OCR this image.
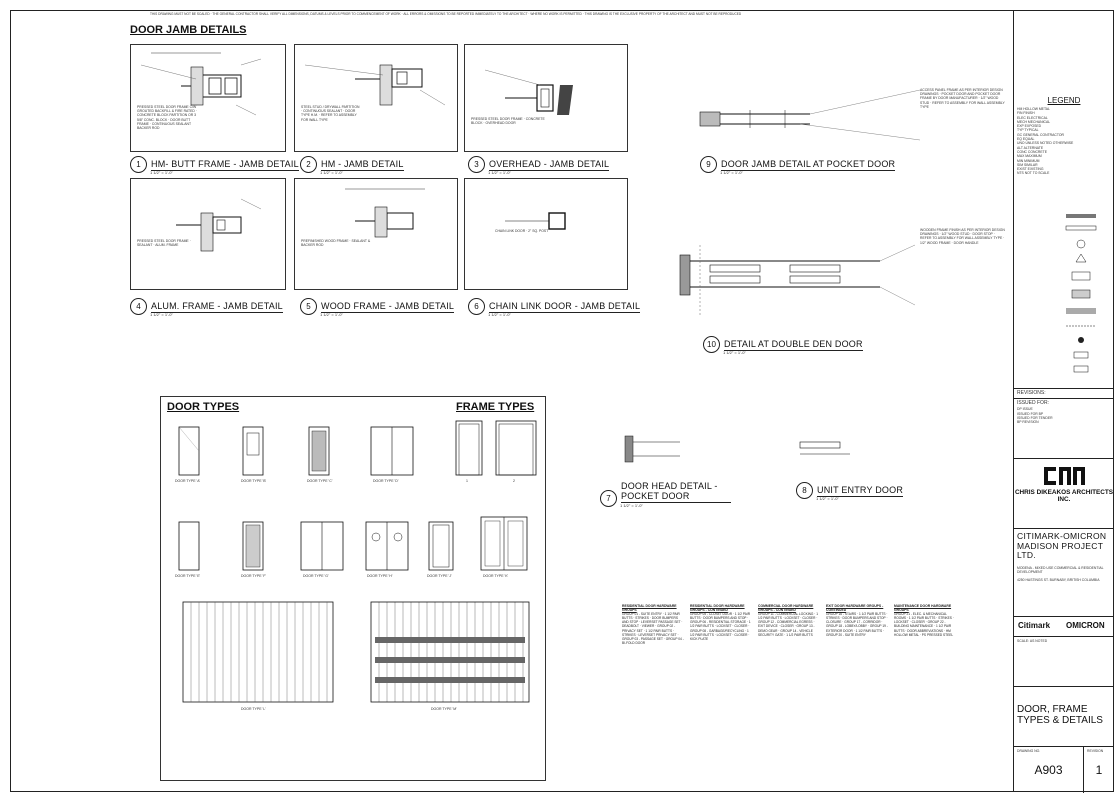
THIS DRAWING MUST NOT BE SCALED · THE GENERAL CONTRACTOR SHALL VERIFY ALL DIMENSIONS, DATUMS & LEVELS PRIOR TO COMMENCEMENT OF WORK · ALL ERRORS & OMISSIONS TO BE REPORTED IMMEDIATELY TO THE ARCHITECT · WHERE NO WORK IS PERMITTED · THIS DRAWING IS THE EXCLUSIVE PROPERTY OF THE ARCHITECT AND MUST NOT BE REPRODUCED
DOOR JAMB DETAILS
PRESSED STEEL DOOR FRAME C/W GROUTED BACKFILL & FIRE RATED · CONCRETE BLOCK PARTITION OR 3 5/8" CONC. BLOCK · DOOR BUTT FRAME · CONTINUOUS SEALANT BACKER ROD
STEEL STUD / DRYWALL PARTITION · CONTINUOUS SEALANT · DOOR TYPE H.M. · REFER TO ASSEMBLY FOR WALL TYPE	PRESSED STEEL DOOR FRAME · CONCRETE BLOCK · OVERHEAD DOOR
1	HM- BUTT FRAME - JAMB DETAIL
1 1/2" = 1'-0"
2	HM - JAMB DETAIL
1 1/2" = 1'-0"
3	OVERHEAD - JAMB DETAIL
1 1/2" = 1'-0"
ACCESS PANEL FRAME AS PER INTERIOR DESIGN DRAWINGS · POCKET DOOR AND POCKET DOOR FRAME BY DOOR MANUFACTURER · 1/2" WOOD STUD · REFER TO ASSEMBLY FOR WALL ASSEMBLY TYPE
9	DOOR JAMB DETAIL AT POCKET DOOR
1 1/2" = 1'-0"
PRESSED STEEL DOOR FRAME · SEALANT · ALUM. FRAME
PREFINISHED WOOD FRAME · SEALANT & BACKER ROD
CHAIN LINK DOOR · 2" SQ. POST
4	ALUM. FRAME - JAMB DETAIL
1 1/2" = 1'-0"
5	WOOD FRAME - JAMB DETAIL
1 1/2" = 1'-0"
6	CHAIN LINK DOOR - JAMB DETAIL
1 1/2" = 1'-0"
WOODEN FRAME FINISH AS PER INTERIOR DESIGN DRAWINGS · 1/2" WOOD STUD · DOOR STOP · REFER TO ASSEMBLY FOR WALL ASSEMBLY TYPE · 1/2" WOOD FRAME · DOOR HANDLE
10 DETAIL AT DOUBLE DEN DOOR
1 1/2" = 1'-0"
DOOR TYPES	FRAME TYPES
DOOR TYPE 'A'	DOOR TYPE 'B'	DOOR TYPE 'C'	DOOR TYPE 'D'	1	2
DOOR TYPE 'E'	DOOR TYPE 'F'	DOOR TYPE 'G'	DOOR TYPE 'H'	DOOR TYPE 'J'	DOOR TYPE 'K'
DOOR TYPE 'L'	DOOR TYPE 'M'
7
DOOR HEAD DETAIL - POCKET DOOR
1 1/2" = 1'-0"
8	UNIT ENTRY DOOR
1 1/2" = 1'-0"
RESIDENTIAL DOOR HARDWARE GROUPS
GROUP 01 - SUITE ENTRY · 1 1/2 PAIR BUTTS · STRIKES · DOOR BUMPERS AND STOP · LEVERSET PASSAGE SET · DEADBOLT · VIEWER · GROUP 02 - PRIVACY SET · 1 1/2 PAIR BUTTS · STRIKES · LEVERSET PRIVACY SET · GROUP 03 - PASSAGE SET · GROUP 04 - BI-FOLD DOOR
RESIDENTIAL DOOR HARDWARE GROUPS - CONTINUED
GROUP 05 - CLOSET DOOR · 1 1/2 PAIR BUTTS · DOOR BUMPERS AND STOP · GROUP 06 - RESIDENTIAL STORAGE · 1 1/2 PAIR BUTTS · LOCKSET · CLOSER · GROUP 08 - GARBAGE/RECYCLING · 1 1/2 PAIR BUTTS · LOCKSET · CLOSER · KICK PLATE
COMMERCIAL DOOR HARDWARE GROUPS - CONTINUED
GROUP 11 - COMMERCIAL LOCKING · 1 1/2 PAIR BUTTS · LOCKSET · CLOSER · GROUP 12 - COMMERCIAL EGRESS · EXIT DEVICE · CLOSER · GROUP 13 - DEMO GEAR · GROUP 14 - VEHICLE SECURITY GATE · 1 1/2 PAIR BUTTS
EXIT DOOR HARDWARE GROUPS - CONTINUED
GROUP 16 - STAIRS · 1 1/2 PAIR BUTTS · STRIKES · DOOR BUMPERS AND STOP · CLOSURE · GROUP 17 - CORRIDOR · GROUP 18 - LOBBY/LOBBY · GROUP 19 - EXTERIOR DOOR · 1 1/2 PAIR BUTTS · GROUP 20 - SUITE ENTRY
MAINTENANCE DOOR HARDWARE GROUPS
GROUP 21 - ELEC. & MECHANICAL ROOMS · 1 1/2 PAIR BUTTS · STRIKES · LOCKSET · CLOSER · GROUP 22 - BUILDING MAINTENANCE · 1 1/2 PAIR BUTTS · DOOR ABBREVIATIONS · HM HOLLOW METAL · PS PRESSED STEEL
LEGEND
HM HOLLOW METAL
FIN FINISH
ELEC ELECTRICAL
MECH MECHANICAL
EXP EXPOSED
TYP TYPICAL
GC GENERAL CONTRACTOR
EQ EQUAL
UNO UNLESS NOTED OTHERWISE
ALT ALTERNATE
CONC CONCRETE
MAX MAXIMUM
MIN MINIMUM
SIM SIMILAR
EXIST EXISTING
NTS NOT TO SCALE
REVISIONS:
ISSUED FOR:
DP ISSUE
ISSUED FOR BP
ISSUED FOR TENDER
BP REVISION
CHRIS DIKEAKOS ARCHITECTS INC.
CITIMARK-OMICRON MADISON PROJECT LTD.
MODENA - MIXED USE COMMERCIAL & RESIDENTIAL DEVELOPMENT
4250 HASTINGS ST. BURNABY, BRITISH COLUMBIA
Citimark OMICRON
SCALE: AS NOTED
DOOR, FRAME TYPES & DETAILS
DRAWING NO.
A903
REVISION
1
